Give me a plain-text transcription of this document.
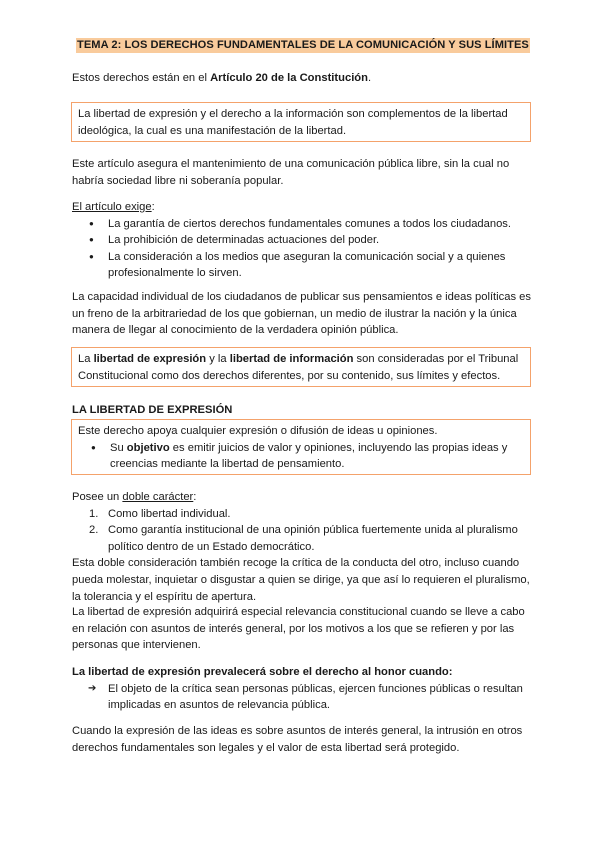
TEMA 2: LOS DERECHOS FUNDAMENTALES DE LA COMUNICACIÓN Y SUS LÍMITES

Estos derechos están en el Artículo 20 de la Constitución.

La libertad de expresión y el derecho a la información son complementos de la libertad ideológica, la cual es una manifestación de la libertad.

Este artículo asegura el mantenimiento de una comunicación pública libre, sin la cual no habría sociedad libre ni soberanía popular.

El artículo exige:
● La garantía de ciertos derechos fundamentales comunes a todos los ciudadanos.
● La prohibición de determinadas actuaciones del poder.
● La consideración a los medios que aseguran la comunicación social y a quienes profesionalmente lo sirven.

La capacidad individual de los ciudadanos de publicar sus pensamientos e ideas políticas es un freno de la arbitrariedad de los que gobiernan, un medio de ilustrar la nación y la única manera de llegar al conocimiento de la verdadera opinión pública.

La libertad de expresión y la libertad de información son consideradas por el Tribunal Constitucional como dos derechos diferentes, por su contenido, sus límites y efectos.

LA LIBERTAD DE EXPRESIÓN

Este derecho apoya cualquier expresión o difusión de ideas u opiniones.
● Su objetivo es emitir juicios de valor y opiniones, incluyendo las propias ideas y creencias mediante la libertad de pensamiento.
Posee un doble carácter:
1. Como libertad individual.
2. Como garantía institucional de una opinión pública fuertemente unida al pluralismo político dentro de un Estado democrático.
Esta doble consideración también recoge la crítica de la conducta del otro, incluso cuando pueda molestar, inquietar o disgustar a quien se dirige, ya que así lo requieren el pluralismo, la tolerancia y el espíritu de apertura.

La libertad de expresión adquirirá especial relevancia constitucional cuando se lleve a cabo en relación con asuntos de interés general, por los motivos a los que se refieren y por las personas que intervienen.

La libertad de expresión prevalecerá sobre el derecho al honor cuando:
➔ El objeto de la crítica sean personas públicas, ejercen funciones públicas o resultan implicadas en asuntos de relevancia pública.

Cuando la expresión de las ideas es sobre asuntos de interés general, la intrusión en otros derechos fundamentales son legales y el valor de esta libertad será protegido.
